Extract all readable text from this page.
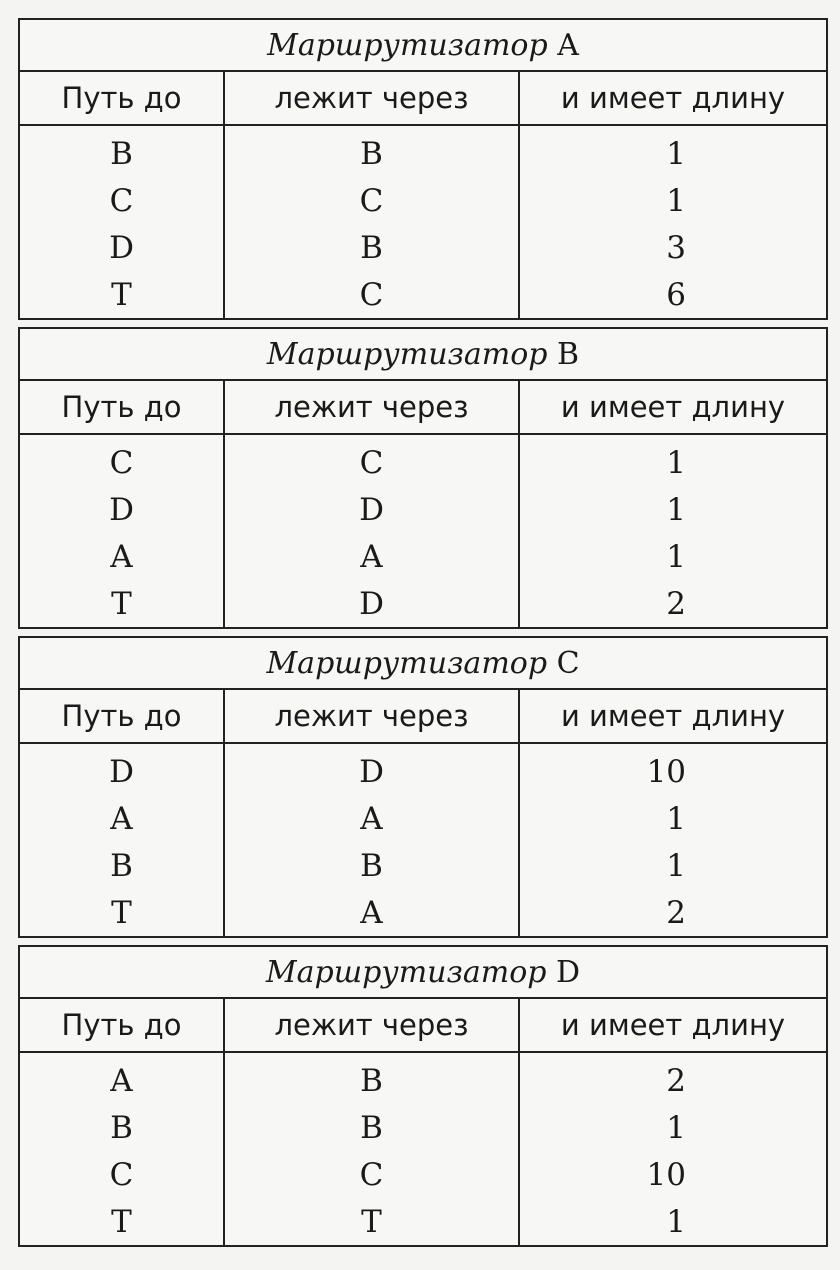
Маршрутизатор A		
Путь до	лежит через	и имеет длину
B	B	1
C	C	1
D	B	3
T	C	6
Маршрутизатор B		
Путь до	лежит через	и имеет длину
C	C	1
D	D	1
A	A	1
T	D	2
Маршрутизатор C		
Путь до	лежит через	и имеет длину
D	D	10
A	A	1
B	B	1
T	A	2
Маршрутизатор D		
Путь до	лежит через	и имеет длину
A	B	2
B	B	1
C	C	10
T	T	1
